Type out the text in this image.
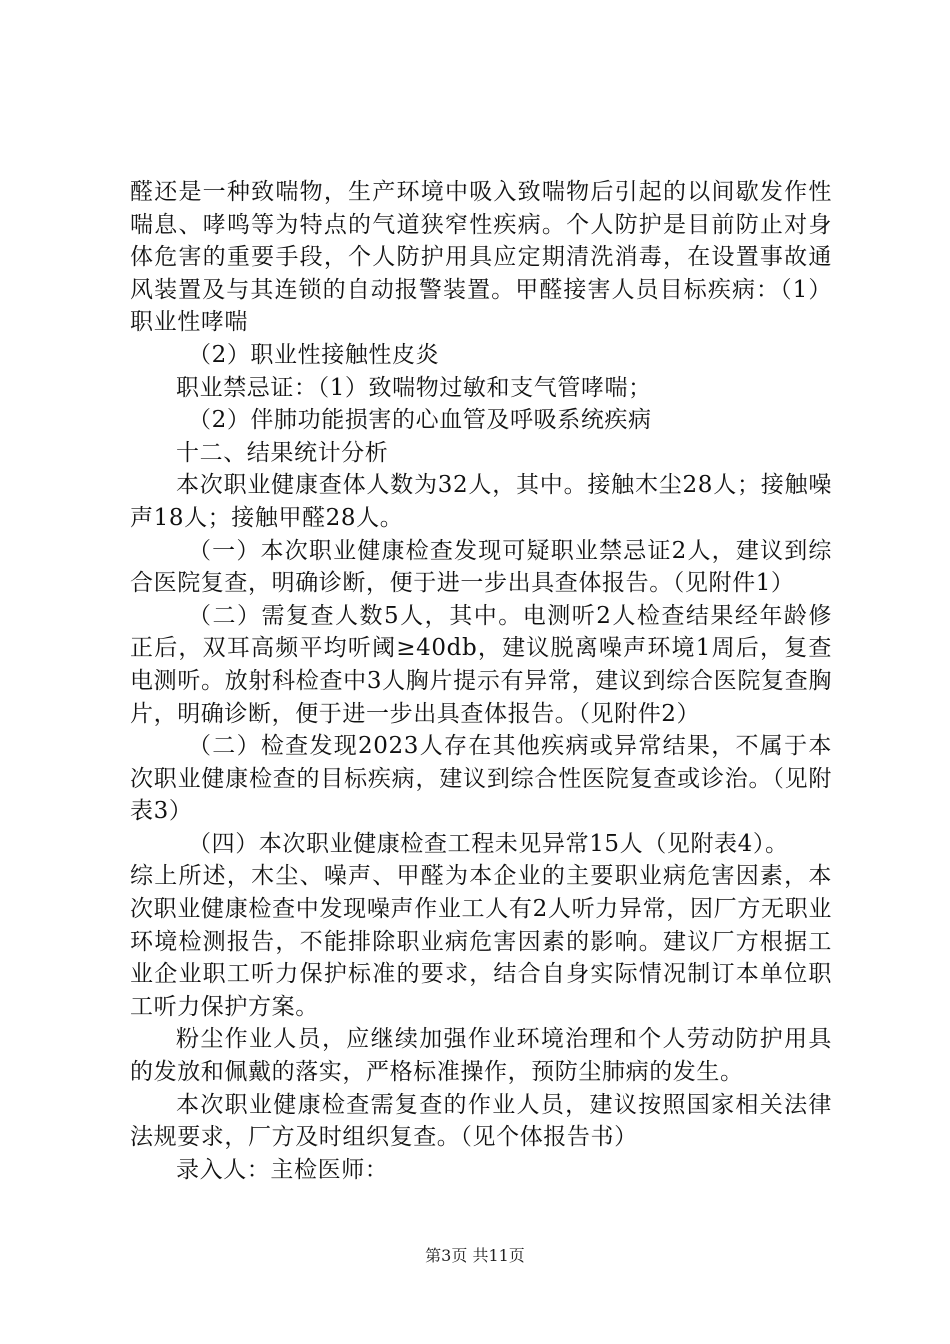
醛还是一种致喘物，生产环境中吸入致喘物后引起的以间歇发作性喘息、哮鸣等为特点的气道狭窄性疾病。个人防护是目前防止对身体危害的重要手段，个人防护用具应定期清洗消毒，在设置事故通风装置及与其连锁的自动报警装置。甲醛接害人员目标疾病：（1）职业性哮喘

（2）职业性接触性皮炎

职业禁忌证：（1）致喘物过敏和支气管哮喘；

（2）伴肺功能损害的心血管及呼吸系统疾病

十二、结果统计分析

本次职业健康查体人数为32人，其中。接触木尘28人；接触噪声18人；接触甲醛28人。

（一）本次职业健康检查发现可疑职业禁忌证2人，建议到综合医院复查，明确诊断，便于进一步出具查体报告。（见附件1）

（二）需复查人数5人，其中。电测听2人检查结果经年龄修正后，双耳高频平均听阈≥40db，建议脱离噪声环境1周后，复查电测听。放射科检查中3人胸片提示有异常，建议到综合医院复查胸片，明确诊断，便于进一步出具查体报告。（见附件2）

（二）检查发现2023人存在其他疾病或异常结果，不属于本次职业健康检查的目标疾病，建议到综合性医院复查或诊治。（见附表3）

（四）本次职业健康检查工程未见异常15人（见附表4）。

综上所述，木尘、噪声、甲醛为本企业的主要职业病危害因素，本次职业健康检查中发现噪声作业工人有2人听力异常，因厂方无职业环境检测报告，不能排除职业病危害因素的影响。建议厂方根据工业企业职工听力保护标准的要求，结合自身实际情况制订本单位职工听力保护方案。

粉尘作业人员，应继续加强作业环境治理和个人劳动防护用具的发放和佩戴的落实，严格标准操作，预防尘肺病的发生。

本次职业健康检查需复查的作业人员，建议按照国家相关法律法规要求，厂方及时组织复查。（见个体报告书）

录入人：主检医师：

第3页 共11页
